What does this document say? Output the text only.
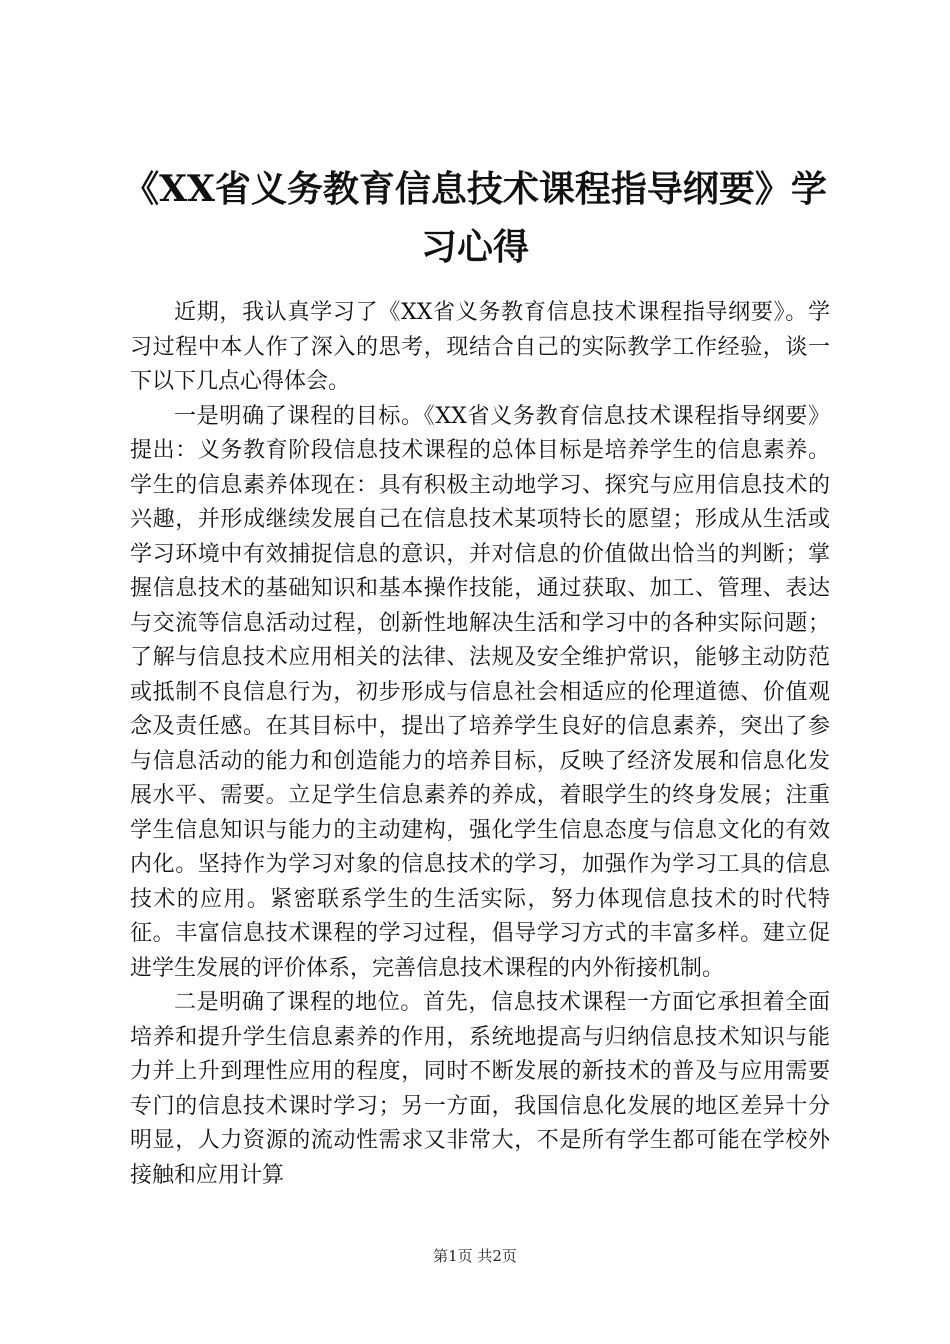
《XX省义务教育信息技术课程指导纲要》学习心得

近期，我认真学习了《XX省义务教育信息技术课程指导纲要》。学习过程中本人作了深入的思考，现结合自己的实际教学工作经验，谈一下以下几点心得体会。

一是明确了课程的目标。《XX省义务教育信息技术课程指导纲要》提出：义务教育阶段信息技术课程的总体目标是培养学生的信息素养。学生的信息素养体现在：具有积极主动地学习、探究与应用信息技术的兴趣，并形成继续发展自己在信息技术某项特长的愿望；形成从生活或学习环境中有效捕捉信息的意识，并对信息的价值做出恰当的判断；掌握信息技术的基础知识和基本操作技能，通过获取、加工、管理、表达与交流等信息活动过程，创新性地解决生活和学习中的各种实际问题；了解与信息技术应用相关的法律、法规及安全维护常识，能够主动防范或抵制不良信息行为，初步形成与信息社会相适应的伦理道德、价值观念及责任感。在其目标中，提出了培养学生良好的信息素养，突出了参与信息活动的能力和创造能力的培养目标，反映了经济发展和信息化发展水平、需要。立足学生信息素养的养成，着眼学生的终身发展；注重学生信息知识与能力的主动建构，强化学生信息态度与信息文化的有效内化。坚持作为学习对象的信息技术的学习，加强作为学习工具的信息技术的应用。紧密联系学生的生活实际，努力体现信息技术的时代特征。丰富信息技术课程的学习过程，倡导学习方式的丰富多样。建立促进学生发展的评价体系，完善信息技术课程的内外衔接机制。

二是明确了课程的地位。首先，信息技术课程一方面它承担着全面培养和提升学生信息素养的作用，系统地提高与归纳信息技术知识与能力并上升到理性应用的程度，同时不断发展的新技术的普及与应用需要专门的信息技术课时学习；另一方面，我国信息化发展的地区差异十分明显，人力资源的流动性需求又非常大，不是所有学生都可能在学校外接触和应用计算

第1页 共2页
